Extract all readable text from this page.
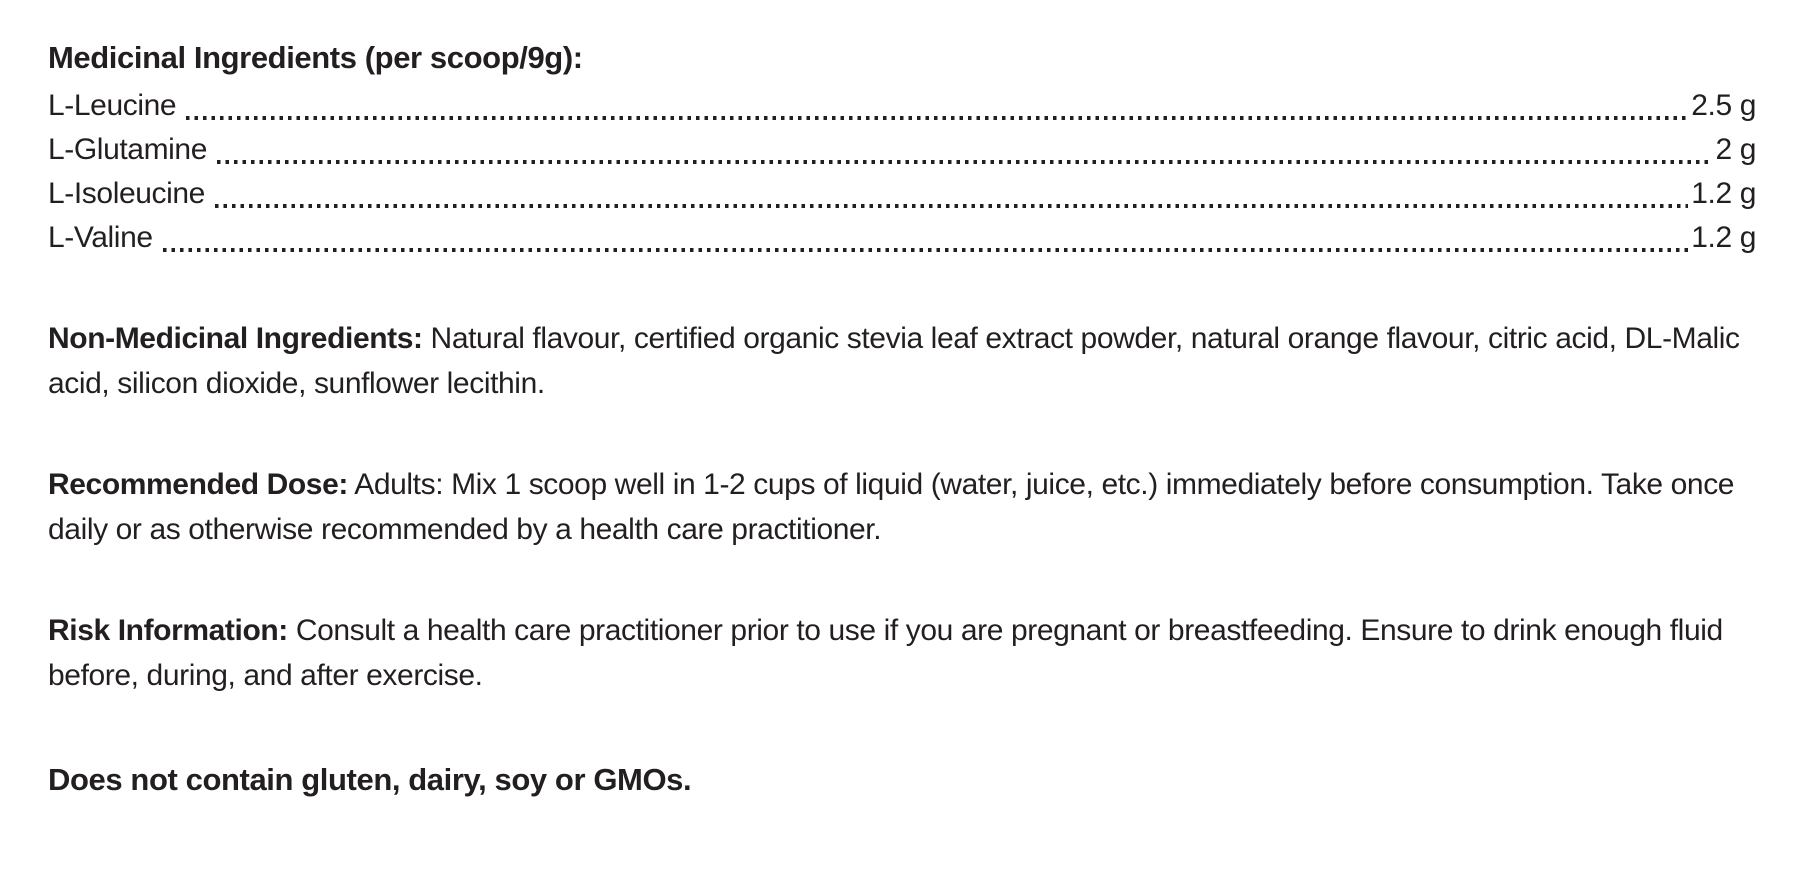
Medicinal Ingredients (per scoop/9g):
L-Leucine	2.5 g
L-Glutamine	2 g
L-Isoleucine	1.2 g
L-Valine	1.2 g

Non-Medicinal Ingredients: Natural flavour, certified organic stevia leaf extract powder, natural orange flavour, citric acid, DL-Malic acid, silicon dioxide, sunflower lecithin.

Recommended Dose: Adults: Mix 1 scoop well in 1-2 cups of liquid (water, juice, etc.) immediately before consumption. Take once daily or as otherwise recommended by a health care practitioner.

Risk Information: Consult a health care practitioner prior to use if you are pregnant or breastfeeding. Ensure to drink enough fluid before, during, and after exercise.

Does not contain gluten, dairy, soy or GMOs.
